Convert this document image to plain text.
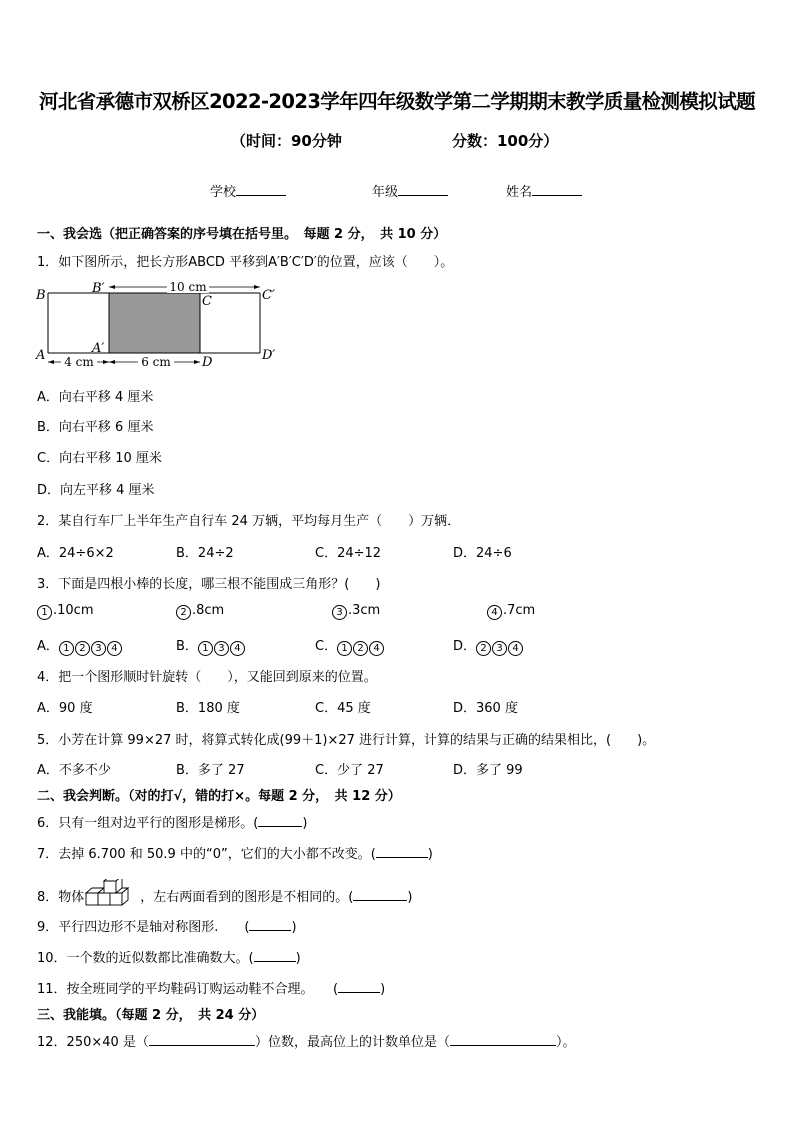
河北省承德市双桥区2022-2023学年四年级数学第二学期期末教学质量检测模拟试题
（时间：90分钟	分数：100分）
学校	年级	姓名
一、我会选（把正确答案的序号填在括号里。　每题 2 分，　共 10 分）
1．如下图所示，把长方形ABCD 平移到A′B′C′D′的位置，应该（　　）。
10 cm
4 cm	6 cm
B	B′
C	C′
A	A′
D	D′
A．向右平移 4 厘米
B．向右平移 6 厘米
C．向右平移 10 厘米
D．向左平移 4 厘米
2．某自行车厂上半年生产自行车 24 万辆，平均每月生产（　　）万辆．
A．24÷6×2	B．24÷2	C．24÷12	D．24÷6
3．下面是四根小棒的长度，哪三根不能围成三角形？(　　)
1 .10cm	2 .8cm	3 .3cm	4 .7cm
A． 1 2 3 4	B． 1 3 4	C． 1 2 4	D． 2 3 4
4．把一个图形顺时针旋转（　　），又能回到原来的位置。
A．90 度	B．180 度	C．45 度	D．360 度
5．小芳在计算 99×27 时，将算式转化成(99＋1)×27 进行计算，计算的结果与正确的结果相比，(　　)。
A．不多不少	B．多了 27	C．少了 27	D．多了 99
二、我会判断。（对的打√，错的打×。每题 2 分，　共 12 分）
6．只有一组对边平行的图形是梯形。(	)
7．去掉 6.700 和 50.9 中的“0”，它们的大小都不改变。(	)
8．物体	，左右两面看到的图形是不相同的。(	)
9．平行四边形不是轴对称图形.　　(	)
10．一个数的近似数都比准确数大。(	)
11．按全班同学的平均鞋码订购运动鞋不合理。　　(	)
三、我能填。（每题 2 分，　共 24 分）
12．250×40 是（	）位数，最高位上的计数单位是（	）。
